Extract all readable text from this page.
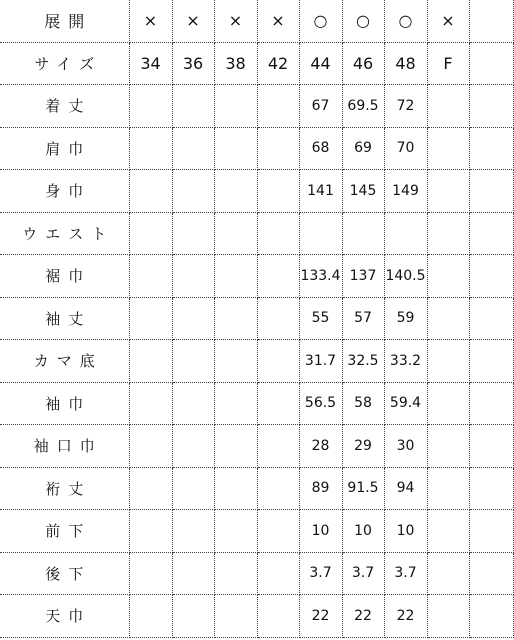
展開	×	×	×	×	○	○	○	×	
サイズ	34	36	38	42	44	46	48	F	
着丈					67	69.5	72		
肩巾					68	69	70		
身巾					141	145	149		
ウエスト									
裾巾					133.4	137	140.5		
袖丈					55	57	59		
カマ底					31.7	32.5	33.2		
袖巾					56.5	58	59.4		
袖口巾					28	29	30		
裄丈					89	91.5	94		
前下					10	10	10		
後下					3.7	3.7	3.7		
天巾					22	22	22		
